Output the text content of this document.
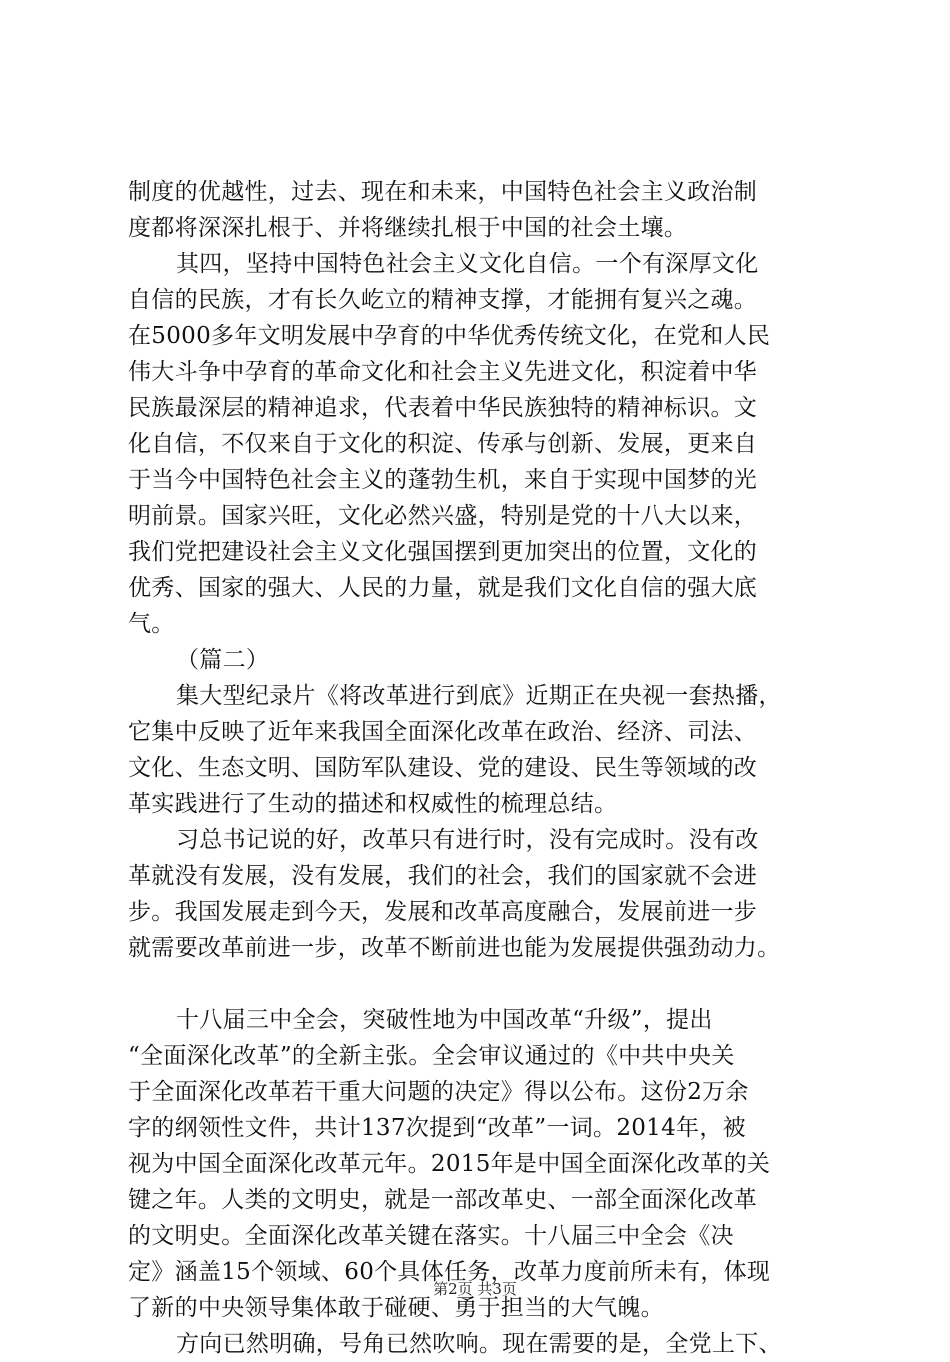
制度的优越性，过去、现在和未来，中国特色社会主义政治制
度都将深深扎根于、并将继续扎根于中国的社会土壤。
其四，坚持中国特色社会主义文化自信。一个有深厚文化
自信的民族，才有长久屹立的精神支撑，才能拥有复兴之魂。
在5000多年文明发展中孕育的中华优秀传统文化，在党和人民
伟大斗争中孕育的革命文化和社会主义先进文化，积淀着中华
民族最深层的精神追求，代表着中华民族独特的精神标识。文
化自信，不仅来自于文化的积淀、传承与创新、发展，更来自
于当今中国特色社会主义的蓬勃生机，来自于实现中国梦的光
明前景。国家兴旺，文化必然兴盛，特别是党的十八大以来，
我们党把建设社会主义文化强国摆到更加突出的位置，文化的
优秀、国家的强大、人民的力量，就是我们文化自信的强大底
气。
（篇二）
集大型纪录片《将改革进行到底》近期正在央视一套热播，
它集中反映了近年来我国全面深化改革在政治、经济、司法、
文化、生态文明、国防军队建设、党的建设、民生等领域的改
革实践进行了生动的描述和权威性的梳理总结。
习总书记说的好，改革只有进行时，没有完成时。没有改
革就没有发展，没有发展，我们的社会，我们的国家就不会进
步。我国发展走到今天，发展和改革高度融合，发展前进一步
就需要改革前进一步，改革不断前进也能为发展提供强劲动力。
十八届三中全会，突破性地为中国改革“升级”，提出
“全面深化改革”的全新主张。全会审议通过的《中共中央关
于全面深化改革若干重大问题的决定》得以公布。这份2万余
字的纲领性文件，共计137次提到“改革”一词。2014年，被
视为中国全面深化改革元年。2015年是中国全面深化改革的关
键之年。人类的文明史，就是一部改革史、一部全面深化改革
的文明史。全面深化改革关键在落实。十八届三中全会《决
定》涵盖15个领域、60个具体任务，改革力度前所未有，体现
了新的中央领导集体敢于碰硬、勇于担当的大气魄。
方向已然明确，号角已然吹响。现在需要的是，全党上下、
第2页 共3页
